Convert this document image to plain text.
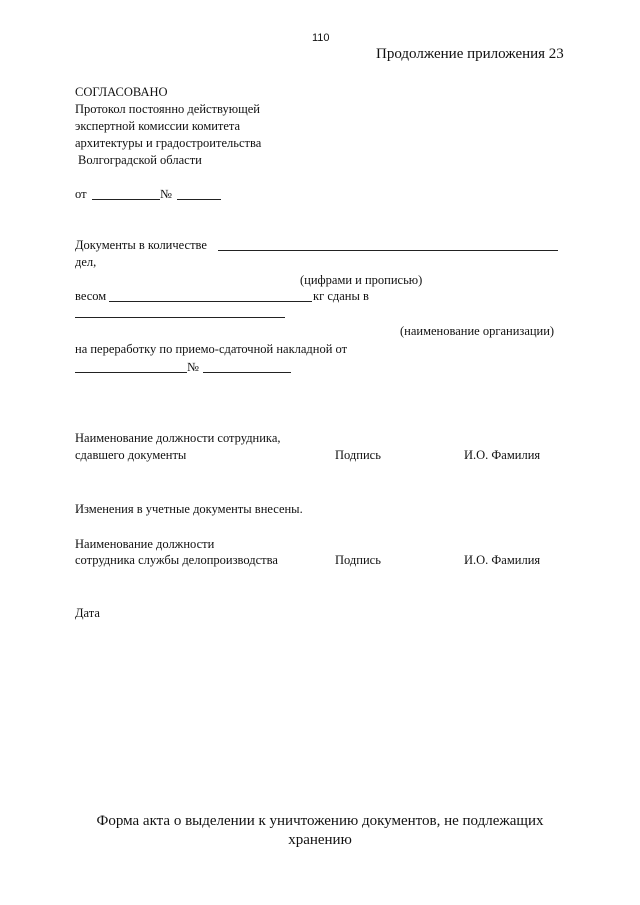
110
Продолжение приложения 23
СОГЛАСОВАНО
Протокол постоянно действующей
экспертной комиссии комитета
архитектуры и градостроительства
Волгоградской области
от	№
Документы в количестве
дел,
(цифрами и прописью)
весом	кг сданы в
(наименование организации)
на переработку по приемо-сдаточной накладной от
№
Наименование должности сотрудника,
сдавшего документы	Подпись	И.О. Фамилия
Изменения в учетные документы внесены.
Наименование должности
сотрудника службы делопроизводства	Подпись	И.О. Фамилия
Дата
Форма акта о выделении к уничтожению документов, не подлежащих
хранению
